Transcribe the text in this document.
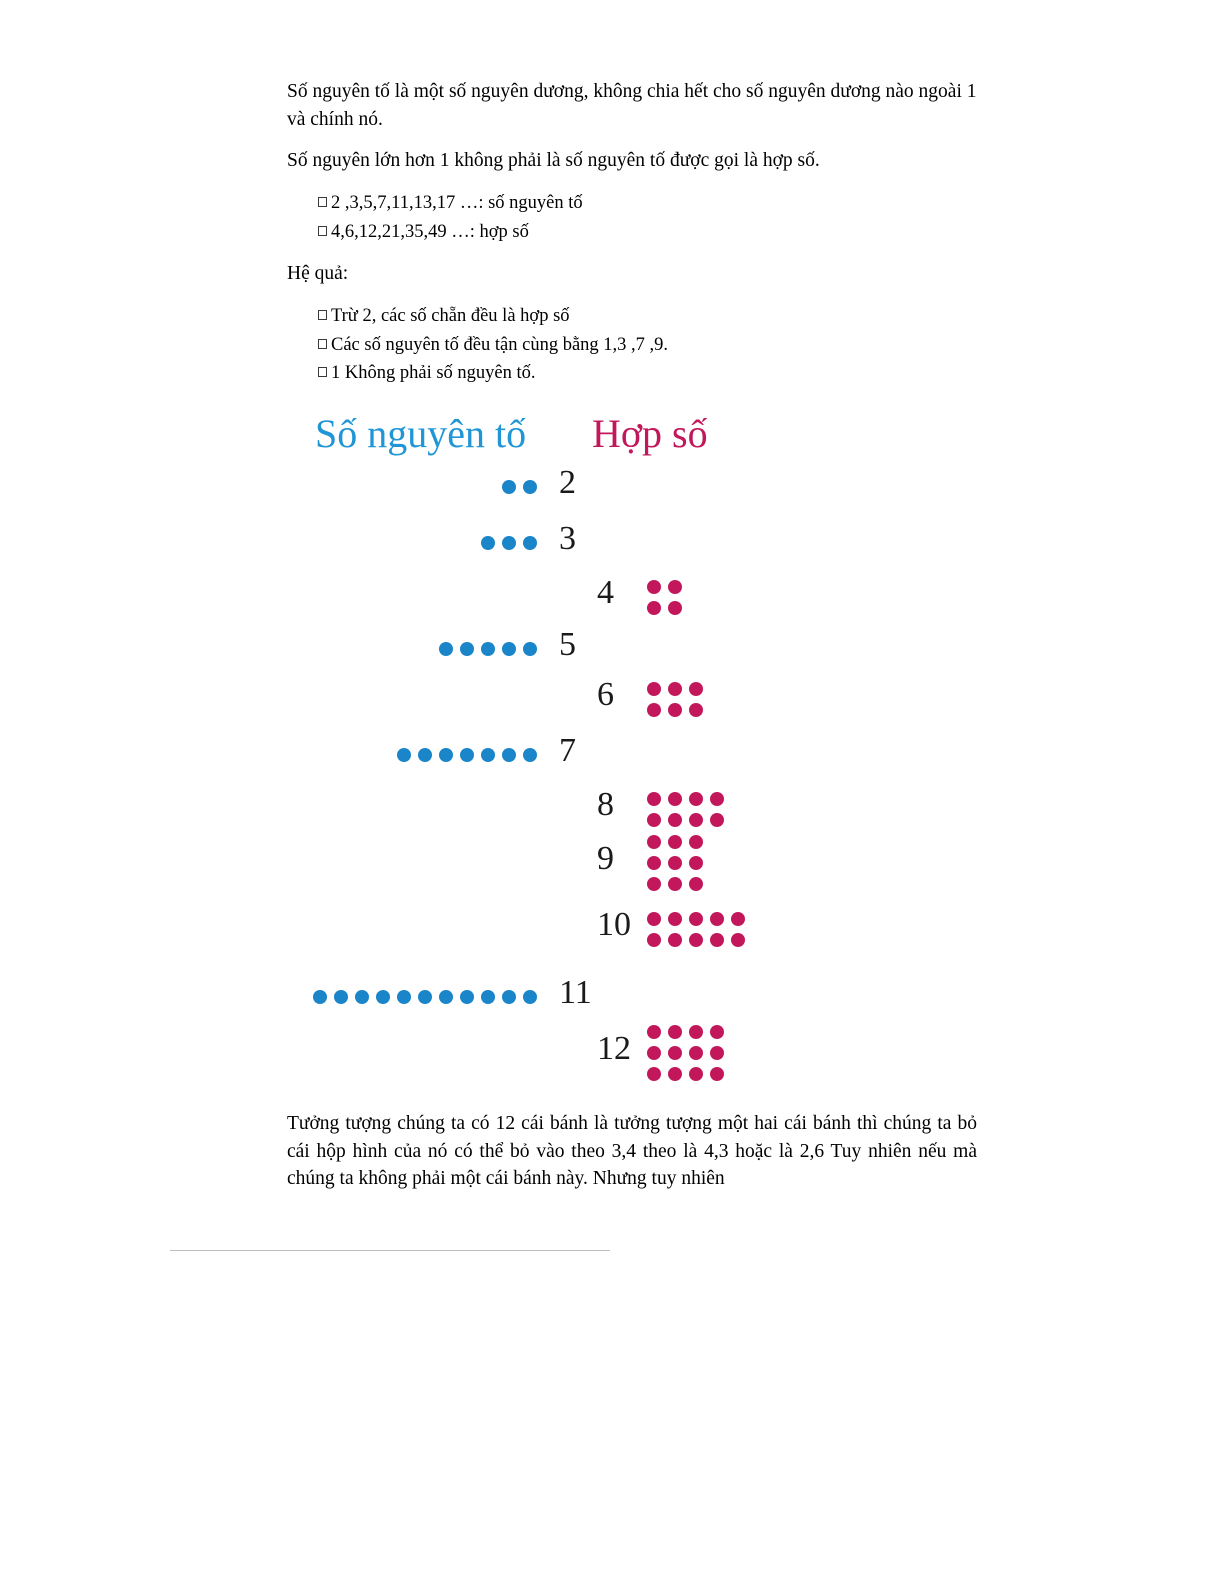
Số nguyên tố là một số nguyên dương, không chia hết cho số nguyên dương nào ngoài 1 và chính nó.

Số nguyên lớn hơn 1 không phải là số nguyên tố được gọi là hợp số.

2 ,3,5,7,11,13,17 …: số nguyên tố
4,6,12,21,35,49 …: hợp số

Hệ quả:

Trừ 2, các số chẵn đều là hợp số
Các số nguyên tố đều tận cùng bằng 1,3 ,7 ,9.
1 Không phải số nguyên tố.
Số nguyên tố Hợp số
2
3
4
5
6
7
8
9
10
11
12

Tưởng tượng chúng ta có 12 cái bánh là tưởng tượng một hai cái bánh thì chúng ta bỏ cái hộp hình của nó có thể bỏ vào theo 3,4 theo là 4,3 hoặc là 2,6 Tuy nhiên nếu mà chúng ta không phải một cái bánh này. Nhưng tuy nhiên
